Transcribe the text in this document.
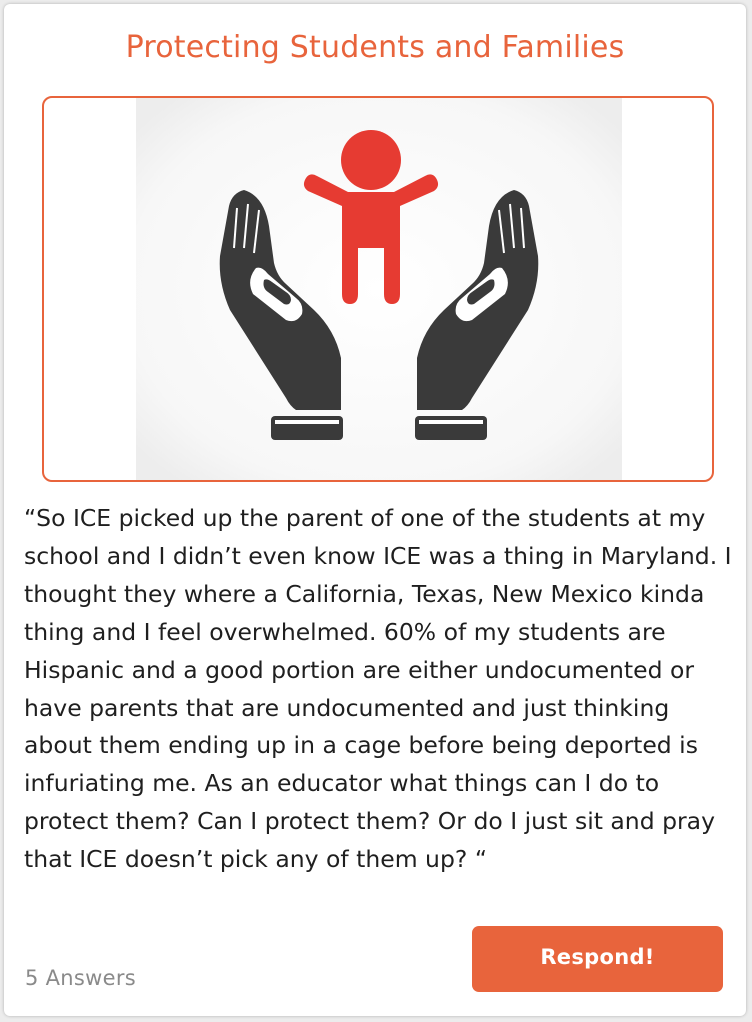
Protecting Students and Families

“So ICE picked up the parent of one of the students at my school and I didn’t even know ICE was a thing in Maryland. I thought they where a California, Texas, New Mexico kinda thing and I feel overwhelmed. 60% of my students are Hispanic and a good portion are either undocumented or have parents that are undocumented and just thinking about them ending up in a cage before being deported is infuriating me. As an educator what things can I do to protect them? Can I protect them? Or do I just sit and pray that ICE doesn’t pick any of them up? “

5 Answers
Respond!
